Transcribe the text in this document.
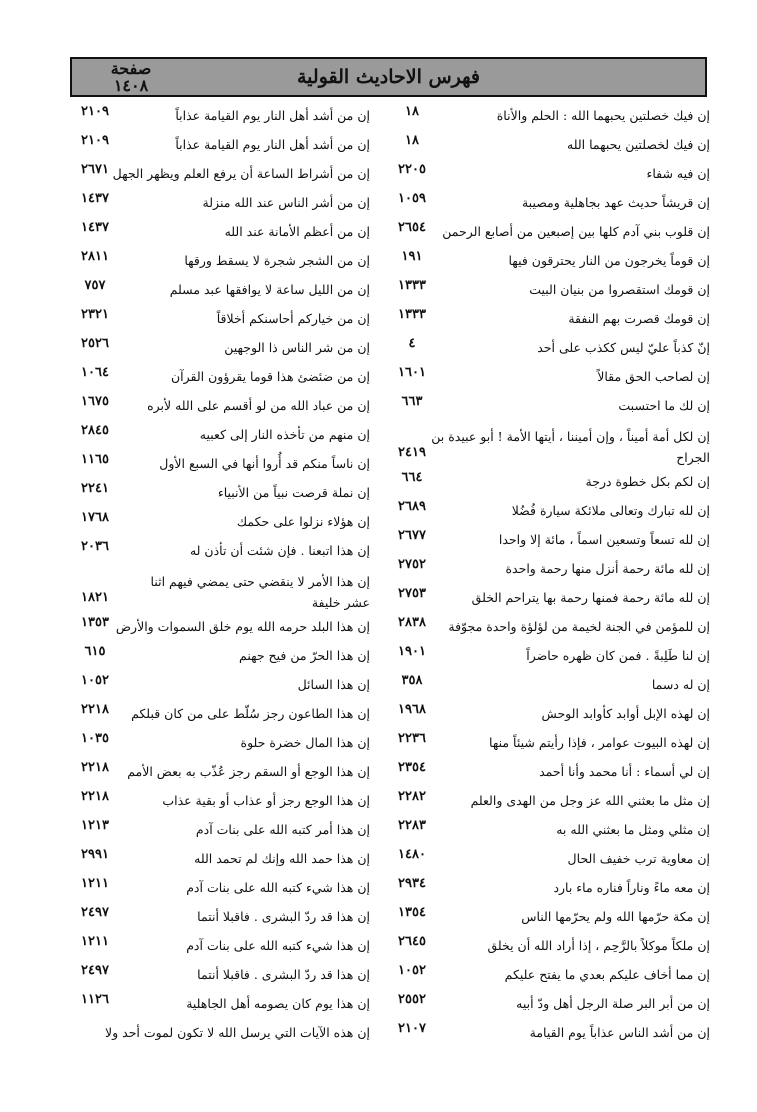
صفحة
١٤٠٨	فهرس الاحاديث القولية
إن فيك خصلتين يحبهما الله : الحلم والأناة
١٨
إن فيك لخصلتين يحبهما الله
١٨
إن فيه شفاء
٢٢٠٥
إن قريشاً حديث عهد بجاهلية ومصيبة
١٠٥٩
إن قلوب بني آدم كلها بين إصبعين من أصابع الرحمن
٢٦٥٤
إن قوماً يخرجون من النار يحترقون فيها
١٩١
إن قومك استقصروا من بنيان البيت
١٣٣٣
إن قومك قصرت بهم النفقة
١٣٣٣
إنّ كذباً عليّ ليس ككذب على أحد
٤
إن لصاحب الحق مقالاً
١٦٠١
إن لك ما احتسبت
٦٦٣
إن لكل أمة أميناً ، وإن أميننا ، أيتها الأمة ! أبو عبيدة بن الجراح
٢٤١٩
إن لكم بكل خطوة درجة
٦٦٤
إن لله تبارك وتعالى ملائكة سيارة فُضُلا
٢٦٨٩
إن لله تسعاً وتسعين اسماً ، مائة إلا واحدا
٢٦٧٧
إن لله مائة رحمة أنزل منها رحمة واحدة
٢٧٥٢
إن لله مائة رحمة فمنها رحمة بها يتراحم الخلق
٢٧٥٣
إن للمؤمن في الجنة لخيمة من لؤلؤة واحدة مجوّفة
٢٨٣٨
إن لنا طَلِبةً . فمن كان ظهره حاضراً
١٩٠١
إن له دسما
٣٥٨
إن لهذه الإبل أوابد كأوابد الوحش
١٩٦٨
إن لهذه البيوت عوامر ، فإذا رأيتم شيئاً منها
٢٢٣٦
إن لي أسماء : أنا محمد وأنا أحمد
٢٣٥٤
إن مثل ما بعثني الله عز وجل من الهدى والعلم
٢٢٨٢
إن مثلي ومثل ما بعثني الله به
٢٢٨٣
إن معاوية ترب خفيف الحال
١٤٨٠
إن معه ماءً وناراً فناره ماء بارد
٢٩٣٤
إن مكة حرّمها الله ولم يحرّمها الناس
١٣٥٤
إن ملكاً موكلاً بالرَّحِم ، إذا أراد الله أن يخلق
٢٦٤٥
إن مما أخاف عليكم بعدي ما يفتح عليكم
١٠٥٢
إن من أبر البر صلة الرجل أهل ودّ أبيه
٢٥٥٢
إن من أشد الناس عذاباً يوم القيامة
٢١٠٧
إن من أشد أهل النار يوم القيامة عذاباً
٢١٠٩
إن من أشد أهل النار يوم القيامة عذاباً
٢١٠٩
إن من أشراط الساعة أن يرفع العلم ويظهر الجهل
٢٦٧١
إن من أشر الناس عند الله منزلة
١٤٣٧
إن من أعظم الأمانة عند الله
١٤٣٧
إن من الشجر شجرة لا يسقط ورقها
٢٨١١
إن من الليل ساعة لا يوافقها عبد مسلم
٧٥٧
إن من خياركم أحاسنكم أخلاقاً
٢٣٢١
إن من شر الناس ذا الوجهين
٢٥٢٦
إن من ضئضئ هذا قوما يقرؤون القرآن
١٠٦٤
إن من عباد الله من لو أقسم على الله لأبره
١٦٧٥
إن منهم من تأخذه النار إلى كعبيه
٢٨٤٥
إن ناساً منكم قد أُروا أنها في السبع الأول
١١٦٥
إن نملة قرصت نبياً من الأنبياء
٢٢٤١
إن هؤلاء نزلوا على حكمك
١٧٦٨
إن هذا اتبعنا . فإن شئت أن تأذن له
٢٠٣٦
إن هذا الأمر لا ينقضي حتى يمضي فيهم اثنا عشر خليفة
١٨٢١
إن هذا البلد حرمه الله يوم خلق السموات والأرض
١٣٥٣
إن هذا الحرّ من فيح جهنم
٦١٥
إن هذا السائل
١٠٥٢
إن هذا الطاعون رجز سُلّط على من كان قبلكم
٢٢١٨
إن هذا المال خضرة حلوة
١٠٣٥
إن هذا الوجع أو السقم رجز عُذّب به بعض الأمم
٢٢١٨
إن هذا الوجع رجز أو عذاب أو بقية عذاب
٢٢١٨
إن هذا أمر كتبه الله على بنات آدم
١٢١٣
إن هذا حمد الله وإنك لم تحمد الله
٢٩٩١
إن هذا شيء كتبه الله على بنات آدم
١٢١١
إن هذا قد ردّ البشرى . فاقبلا أنتما
٢٤٩٧
إن هذا شيء كتبه الله على بنات آدم
١٢١١
إن هذا قد ردّ البشرى . فاقبلا أنتما
٢٤٩٧
إن هذا يوم كان يصومه أهل الجاهلية
١١٢٦
إن هذه الآيات التي يرسل الله لا تكون لموت أحد ولا
